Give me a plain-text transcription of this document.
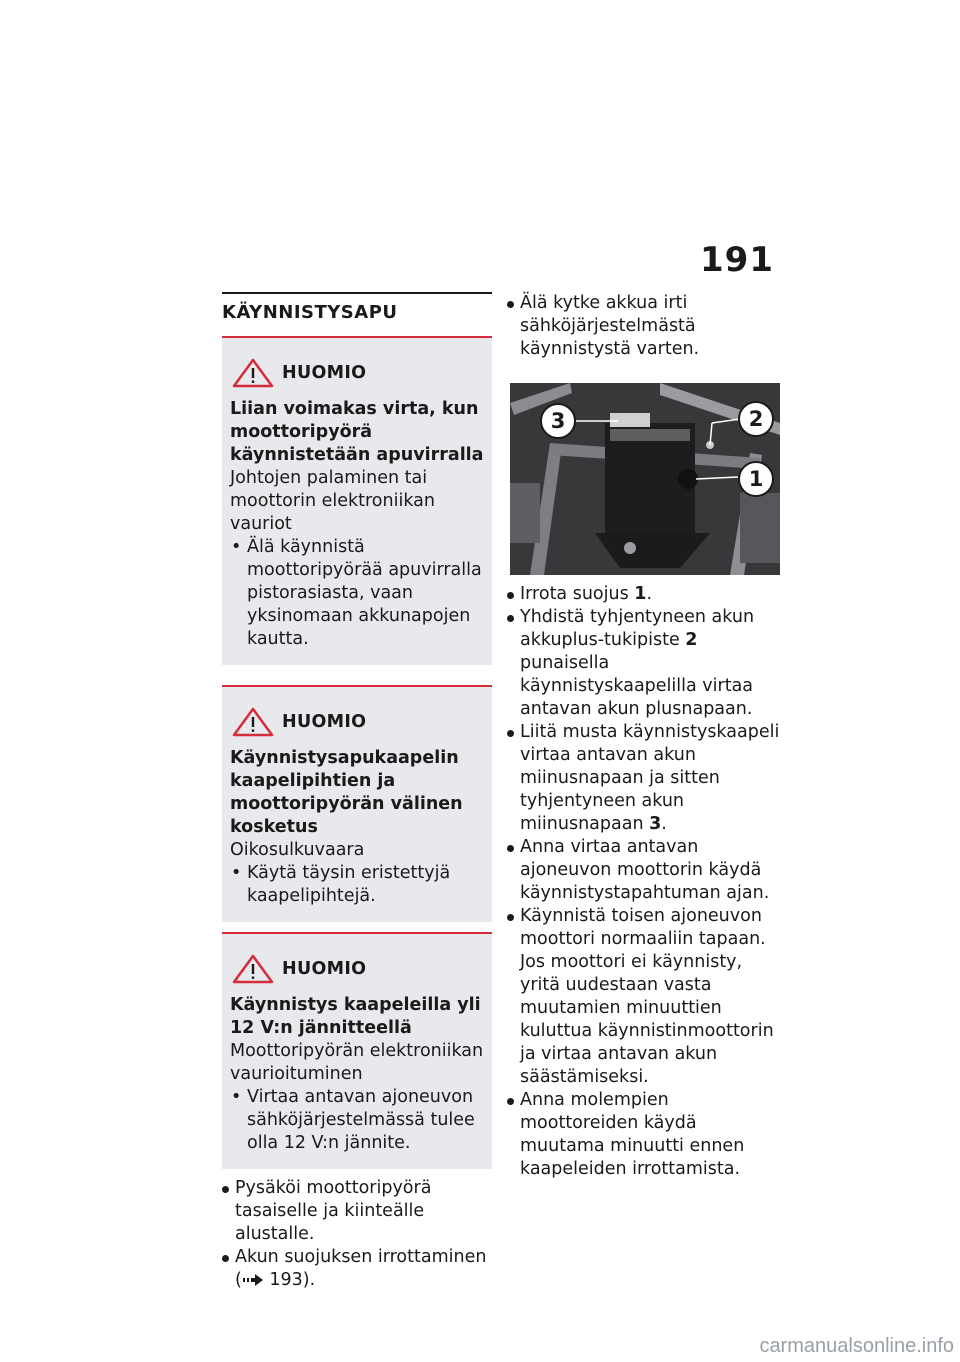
191
KÄYNNISTYSAPU
HUOMIO
Liian voimakas virta, kun moottoripyörä käynnistetään apuvirralla
Johtojen palaminen tai moottorin elektroniikan vauriot
• Älä käynnistä moottoripyörää apuvirralla pistorasiasta, vaan yksinomaan akkunapojen kautta.
HUOMIO
Käynnistysapukaapelin kaapelipihtien ja moottoripyörän välinen kosketus
Oikosulkuvaara
• Käytä täysin eristettyjä kaapelipihtejä.
HUOMIO
Käynnistys kaapeleilla yli 12 V:n jännitteellä
Moottoripyörän elektroniikan vaurioituminen
• Virtaa antavan ajoneuvon sähköjärjestelmässä tulee olla 12 V:n jännite.
Pysäköi moottoripyörä tasaiselle ja kiinteälle alustalle.
Akun suojuksen irrottaminen
( 193).
Älä kytke akkua irti sähköjärjestelmästä käynnistystä varten.
1
2
3
Irrota suojus 1.
Yhdistä tyhjentyneen akun akkuplus-tukipiste 2 punaisella käynnistyskaapelilla virtaa antavan akun plusnapaan.
Liitä musta käynnistyskaapeli virtaa antavan akun miinusnapaan ja sitten tyhjentyneen akun miinusnapaan 3.
Anna virtaa antavan ajoneuvon moottorin käydä käynnistystapahtuman ajan.
Käynnistä toisen ajoneuvon moottori normaaliin tapaan. Jos moottori ei käynnisty, yritä uudestaan vasta muutamien minuuttien kuluttua käynnistinmoottorin ja virtaa antavan akun säästämiseksi.
Anna molempien moottoreiden käydä muutama minuutti ennen kaapeleiden irrottamista.
carmanualsonline.info
